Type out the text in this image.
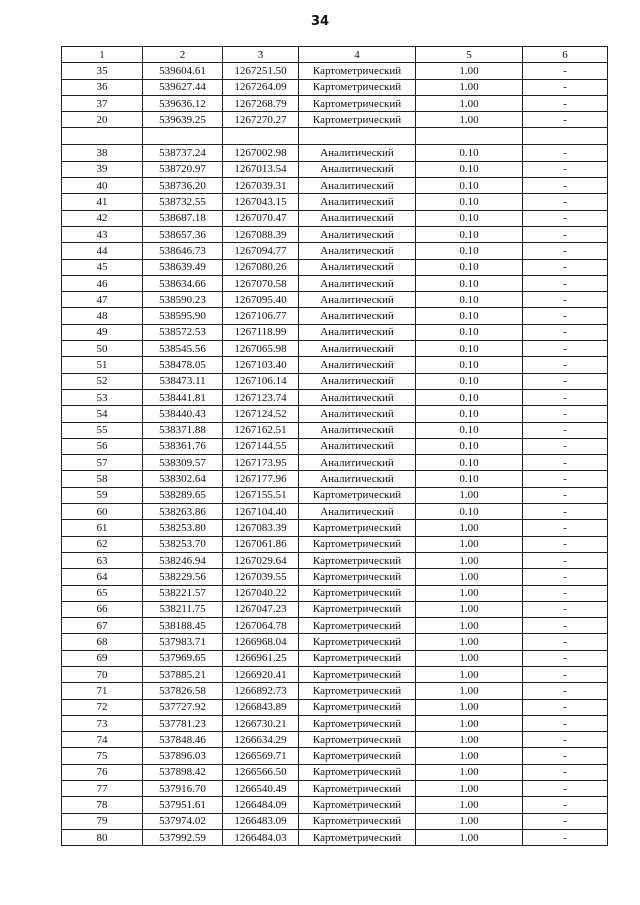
34
1	2	3	4	5	6
35	539604.61	1267251.50	Картометрический	1.00	-
36	539627.44	1267264.09	Картометрический	1.00	-
37	539636.12	1267268.79	Картометрический	1.00	-
20	539639.25	1267270.27	Картометрический	1.00	-

38	538737.24	1267002.98	Аналитический	0.10	-
39	538720.97	1267013.54	Аналитический	0.10	-
40	538736.20	1267039.31	Аналитический	0.10	-
41	538732.55	1267043.15	Аналитический	0.10	-
42	538687.18	1267070.47	Аналитический	0.10	-
43	538657.36	1267088.39	Аналитический	0.10	-
44	538646.73	1267094.77	Аналитический	0.10	-
45	538639.49	1267080.26	Аналитический	0.10	-
46	538634.66	1267070.58	Аналитический	0.10	-
47	538590.23	1267095.40	Аналитический	0.10	-
48	538595.90	1267106.77	Аналитический	0.10	-
49	538572.53	1267118.99	Аналитический	0.10	-
50	538545.56	1267065.98	Аналитический	0.10	-
51	538478.05	1267103.40	Аналитический	0.10	-
52	538473.11	1267106.14	Аналитический	0.10	-
53	538441.81	1267123.74	Аналитический	0.10	-
54	538440.43	1267124.52	Аналитический	0.10	-
55	538371.88	1267162.51	Аналитический	0.10	-
56	538361.76	1267144.55	Аналитический	0.10	-
57	538309.57	1267173.95	Аналитический	0.10	-
58	538302.64	1267177.96	Аналитический	0.10	-
59	538289.65	1267155.51	Картометрический	1.00	-
60	538263.86	1267104.40	Аналитический	0.10	-
61	538253.80	1267083.39	Картометрический	1.00	-
62	538253.70	1267061.86	Картометрический	1.00	-
63	538246.94	1267029.64	Картометрический	1.00	-
64	538229.56	1267039.55	Картометрический	1.00	-
65	538221.57	1267040.22	Картометрический	1.00	-
66	538211.75	1267047.23	Картометрический	1.00	-
67	538188.45	1267064.78	Картометрический	1.00	-
68	537983.71	1266968.04	Картометрический	1.00	-
69	537969.65	1266961.25	Картометрический	1.00	-
70	537885.21	1266920.41	Картометрический	1.00	-
71	537826.58	1266892.73	Картометрический	1.00	-
72	537727.92	1266843.89	Картометрический	1.00	-
73	537781.23	1266730.21	Картометрический	1.00	-
74	537848.46	1266634.29	Картометрический	1.00	-
75	537896.03	1266569.71	Картометрический	1.00	-
76	537898.42	1266566.50	Картометрический	1.00	-
77	537916.70	1266540.49	Картометрический	1.00	-
78	537951.61	1266484.09	Картометрический	1.00	-
79	537974.02	1266483.09	Картометрический	1.00	-
80	537992.59	1266484.03	Картометрический	1.00	-
